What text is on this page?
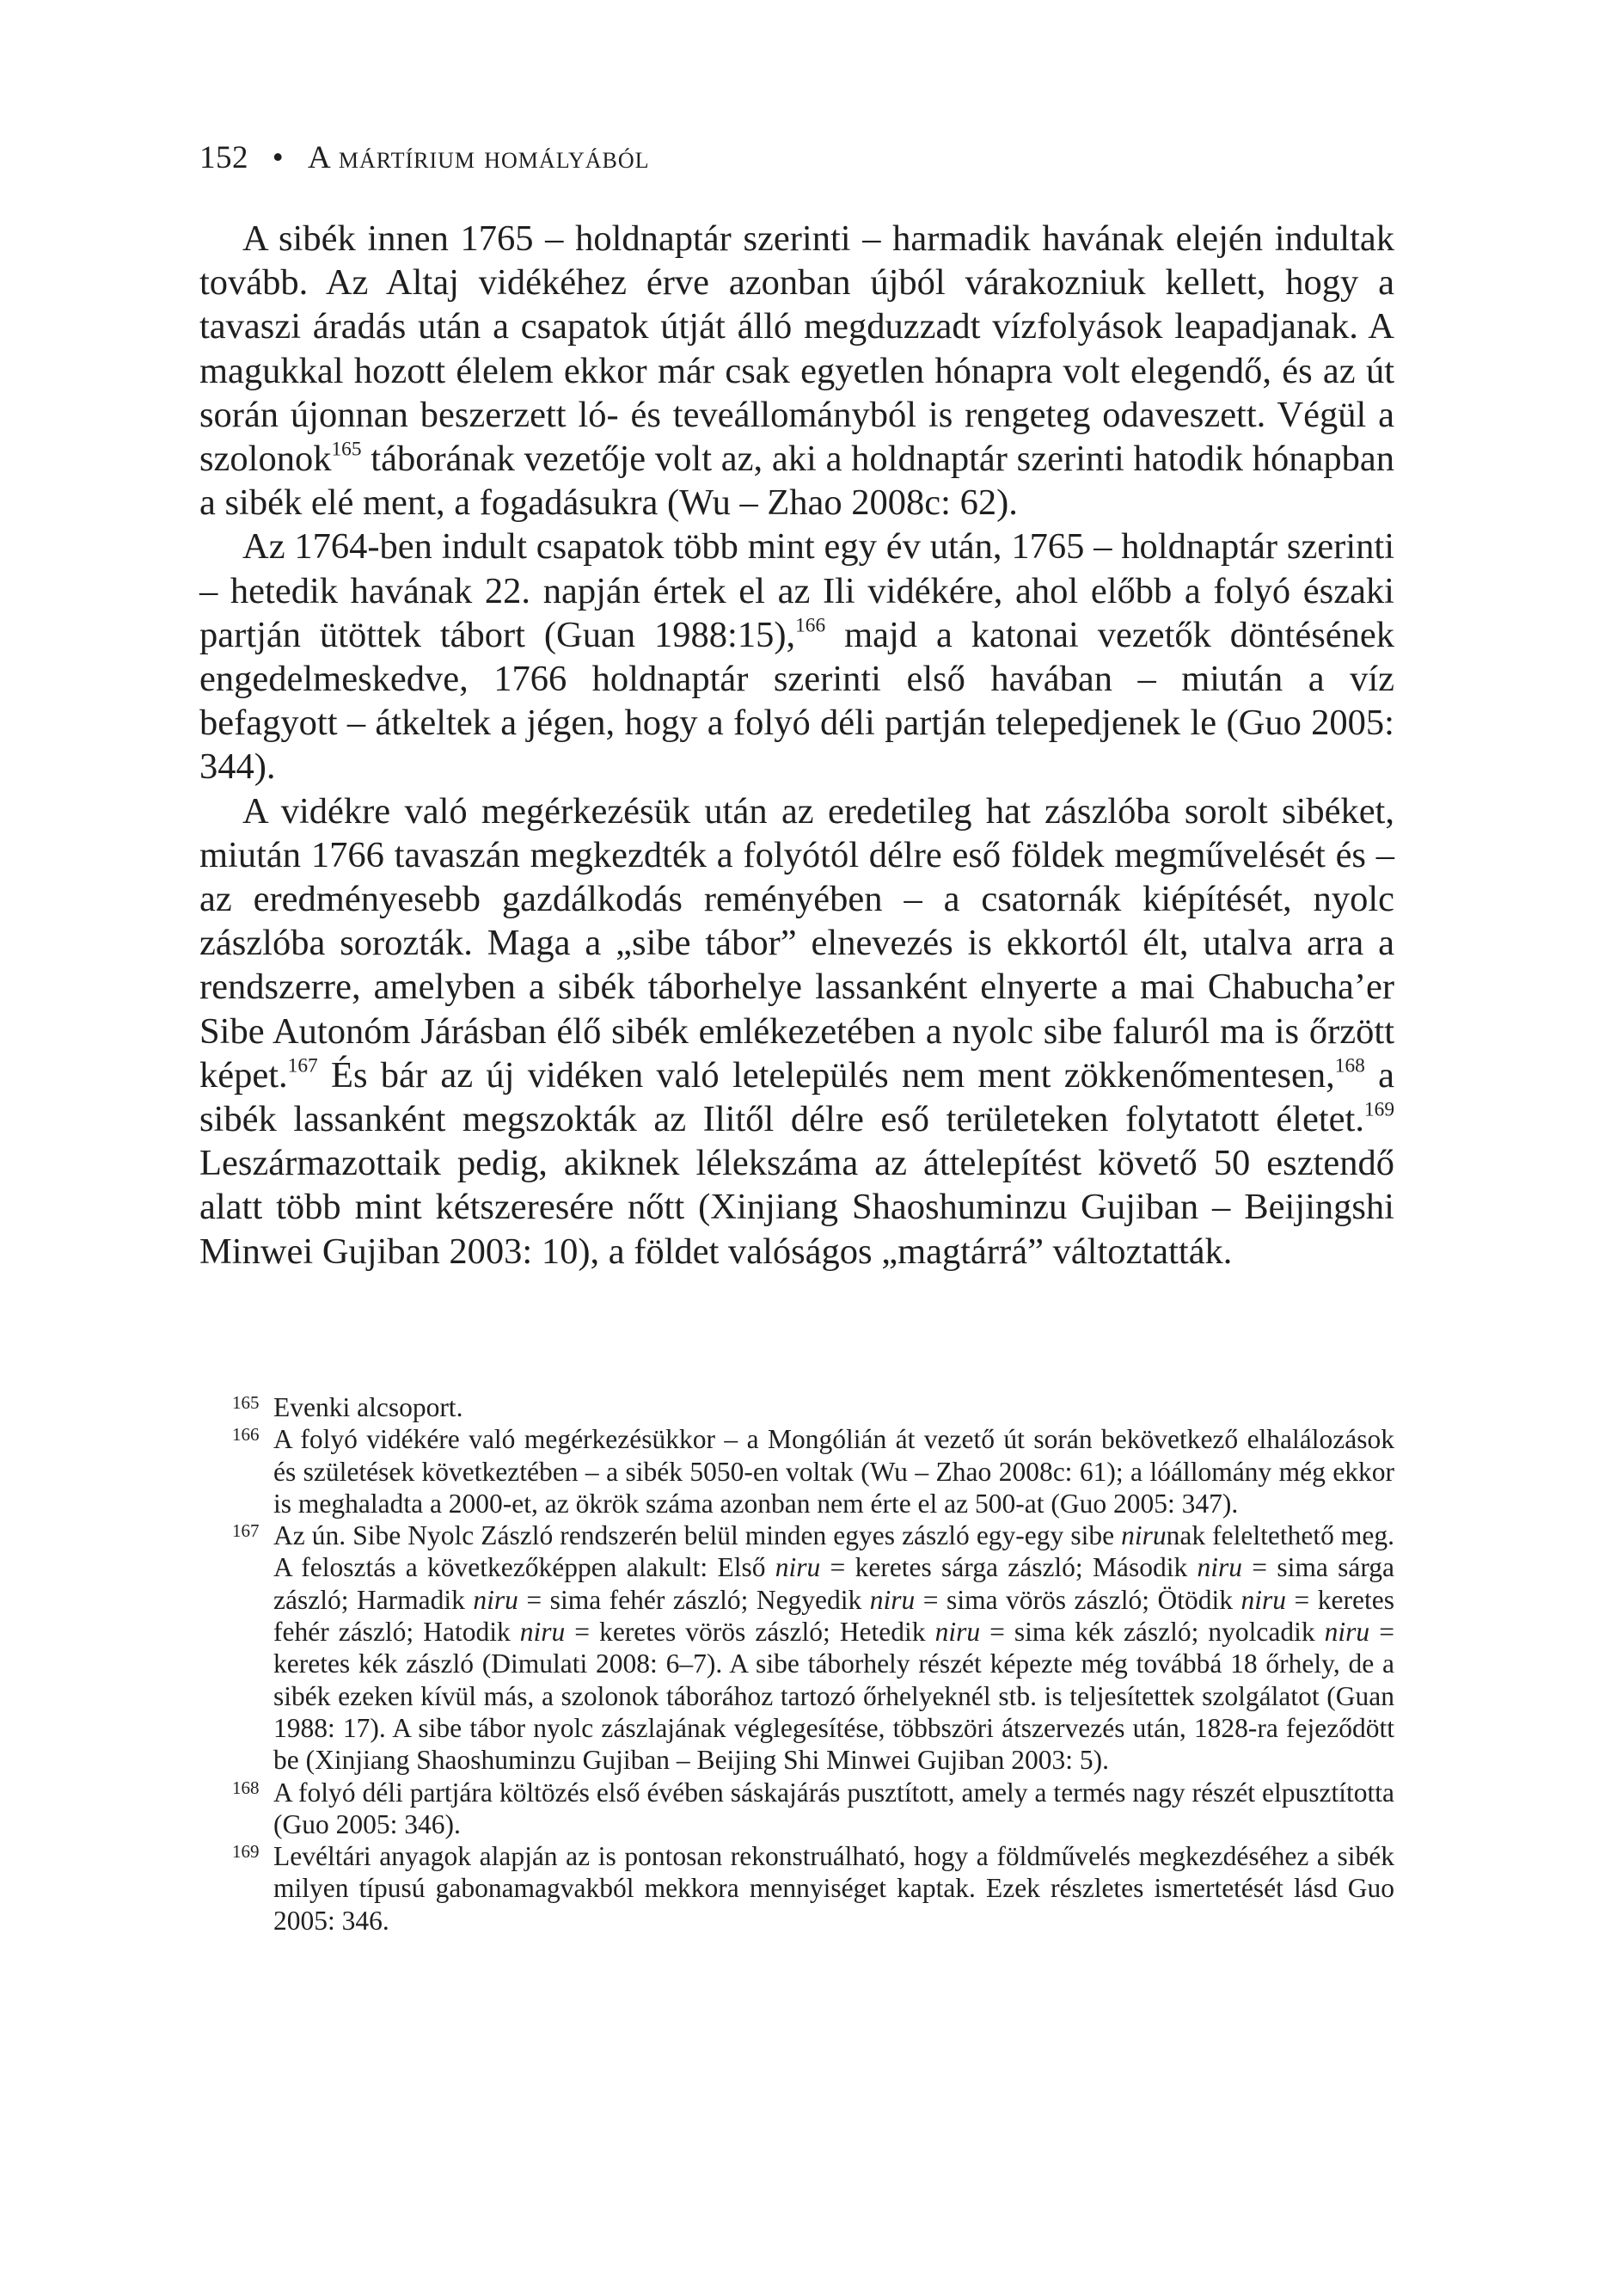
152 • A mártírium homályából

A sibék innen 1765 – holdnaptár szerinti – harmadik havának elején indultak tovább. Az Altaj vidékéhez érve azonban újból várakozniuk kellett, hogy a tavaszi áradás után a csapatok útját álló megduzzadt vízfolyások leapadjanak. A magukkal hozott élelem ekkor már csak egyetlen hónapra volt elegendő, és az út során újonnan beszerzett ló- és teveállományból is rengeteg odaveszett. Végül a szolonok$^{165}$ táborának vezetője volt az, aki a holdnaptár szerinti hatodik hónapban a sibék elé ment, a fogadásukra (Wu – Zhao 2008c: 62).

Az 1764-ben indult csapatok több mint egy év után, 1765 – holdnaptár szerinti – hetedik havának 22. napján értek el az Ili vidékére, ahol előbb a folyó északi partján ütöttek tábort (Guan 1988:15),$^{166}$ majd a katonai vezetők döntésének engedelmeskedve, 1766 holdnaptár szerinti első havában – miután a víz befagyott – átkeltek a jégen, hogy a folyó déli partján telepedjenek le (Guo 2005: 344).

A vidékre való megérkezésük után az eredetileg hat zászlóba sorolt sibéket, miután 1766 tavaszán megkezdték a folyótól délre eső földek megművelését és – az eredményesebb gazdálkodás reményében – a csatornák kiépítését, nyolc zászlóba sorozták. Maga a „sibe tábor” elnevezés is ekkortól élt, utalva arra a rendszerre, amelyben a sibék táborhelye lassanként elnyerte a mai Chabucha’er Sibe Autonóm Járásban élő sibék emlékezetében a nyolc sibe faluról ma is őrzött képet.$^{167}$ És bár az új vidéken való letelepülés nem ment zökkenőmentesen,$^{168}$ a sibék lassanként megszokták az Ilitől délre eső területeken folytatott életet.$^{169}$ Leszármazottaik pedig, akiknek lélekszáma az áttelepítést követő 50 esztendő alatt több mint kétszeresére nőtt (Xinjiang Shaoshuminzu Gujiban – Beijingshi Minwei Gujiban 2003: 10), a földet valóságos „magtárrá” változtatták.

165 Evenki alcsoport.
166 A folyó vidékére való megérkezésükkor – a Mongólián át vezető út során bekövetkező elhalálozások és születések következtében – a sibék 5050-en voltak (Wu – Zhao 2008c: 61); a lóállomány még ekkor is meghaladta a 2000-et, az ökrök száma azonban nem érte el az 500-at (Guo 2005: 347).
167 Az ún. Sibe Nyolc Zászló rendszerén belül minden egyes zászló egy-egy sibe nirunak feleltethető meg. A felosztás a következőképpen alakult: Első niru = keretes sárga zászló; Második niru = sima sárga zászló; Harmadik niru = sima fehér zászló; Negyedik niru = sima vörös zászló; Ötödik niru = keretes fehér zászló; Hatodik niru = keretes vörös zászló; Hetedik niru = sima kék zászló; nyolcadik niru = keretes kék zászló (Dimulati 2008: 6–7). A sibe táborhely részét képezte még továbbá 18 őrhely, de a sibék ezeken kívül más, a szolonok táborához tartozó őrhelyeknél stb. is teljesítettek szolgálatot (Guan 1988: 17). A sibe tábor nyolc zászlajának véglegesítése, többszöri átszervezés után, 1828-ra fejeződött be (Xinjiang Shaoshuminzu Gujiban – Beijing Shi Minwei Gujiban 2003: 5).
168 A folyó déli partjára költözés első évében sáskajárás pusztított, amely a termés nagy részét elpusztította (Guo 2005: 346).
169 Levéltári anyagok alapján az is pontosan rekonstruálható, hogy a földművelés megkezdéséhez a sibék milyen típusú gabonamagvakból mekkora mennyiséget kaptak. Ezek részletes ismertetését lásd Guo 2005: 346.
